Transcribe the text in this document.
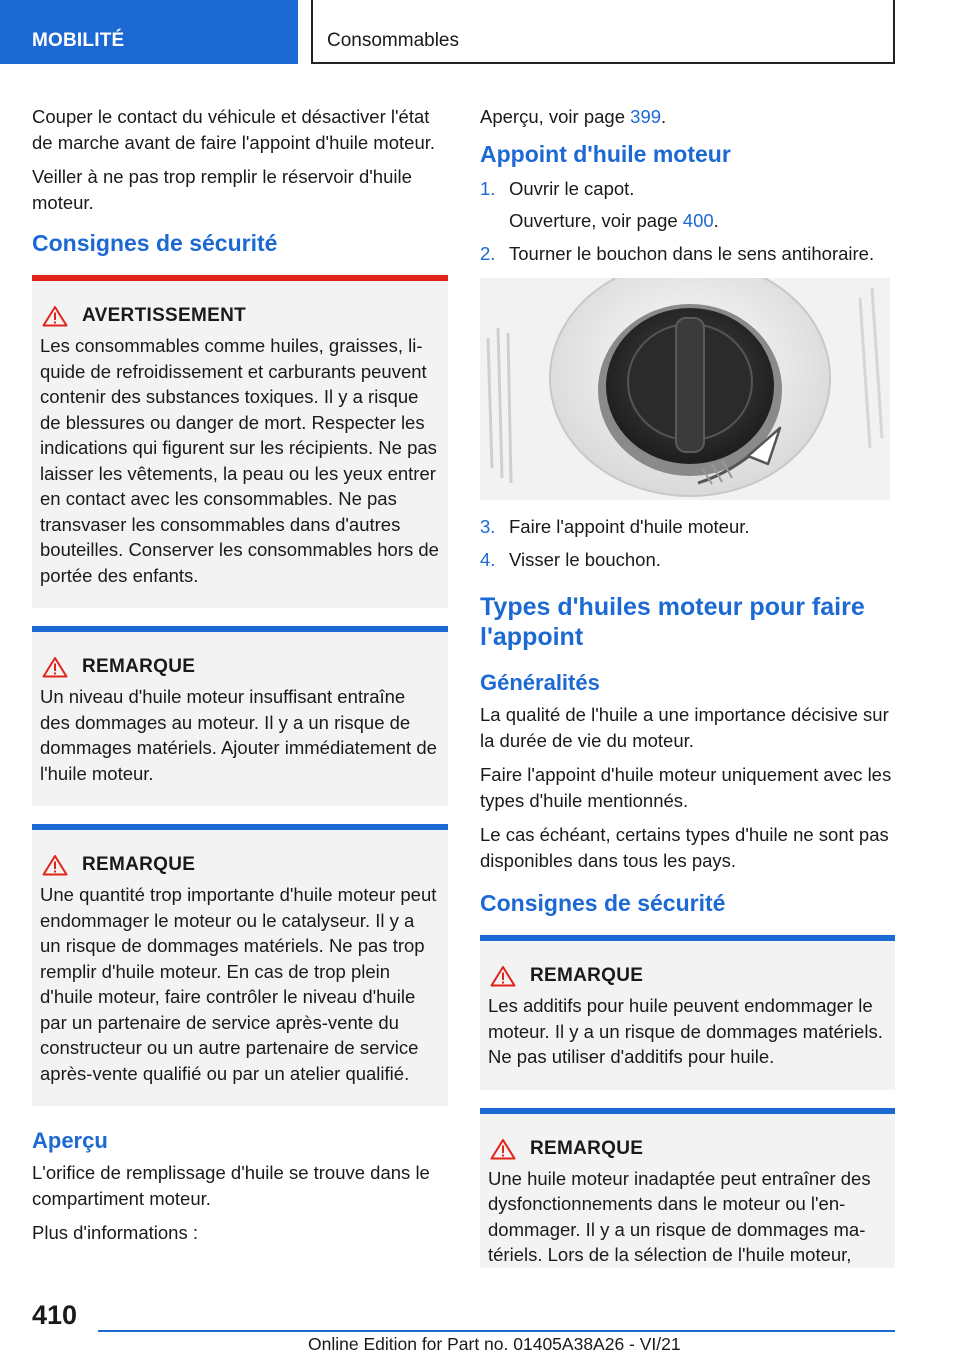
MOBILITÉ	Consommables

Couper le contact du véhicule et désactiver l'état de marche avant de faire l'appoint d'huile moteur.

Veiller à ne pas trop remplir le réservoir d'huile moteur.

Consignes de sécurité
AVERTISSEMENT
Les consommables comme huiles, graisses, liquide de refroidissement et carburants peuvent contenir des substances toxiques. Il y a risque de blessures ou danger de mort. Respecter les indications qui figurent sur les récipients. Ne pas laisser les vêtements, la peau ou les yeux entrer en contact avec les consommables. Ne pas transvaser les consommables dans d'autres bouteilles. Conserver les consommables hors de portée des enfants.
REMARQUE
Un niveau d'huile moteur insuffisant entraîne des dommages au moteur. Il y a un risque de dommages matériels. Ajouter immédiatement de l'huile moteur.
REMARQUE
Une quantité trop importante d'huile moteur peut endommager le moteur ou le catalyseur. Il y a un risque de dommages matériels. Ne pas trop remplir d'huile moteur. En cas de trop plein d'huile moteur, faire contrôler le niveau d'huile par un partenaire de service après-vente du constructeur ou un autre partenaire de service après-vente qualifié ou par un atelier qualifié.
Aperçu

L'orifice de remplissage d'huile se trouve dans le compartiment moteur.

Plus d'informations :

Aperçu, voir page 399.

Appoint d'huile moteur
1. Ouvrir le capot.
Ouverture, voir page 400.
2. Tourner le bouchon dans le sens antihoraire.
3. Faire l'appoint d'huile moteur.
4. Visser le bouchon.
Types d'huiles moteur pour faire l'appoint
Généralités

La qualité de l'huile a une importance décisive sur la durée de vie du moteur.

Faire l'appoint d'huile moteur uniquement avec les types d'huile mentionnés.

Le cas échéant, certains types d'huile ne sont pas disponibles dans tous les pays.

Consignes de sécurité
REMARQUE
Les additifs pour huile peuvent endommager le moteur. Il y a un risque de dommages matériels. Ne pas utiliser d'additifs pour huile.
REMARQUE
Une huile moteur inadaptée peut entraîner des dysfonctionnements dans le moteur ou l'endommager. Il y a un risque de dommages matériels. Lors de la sélection de l'huile moteur,
410
Online Edition for Part no. 01405A38A26 - VI/21
